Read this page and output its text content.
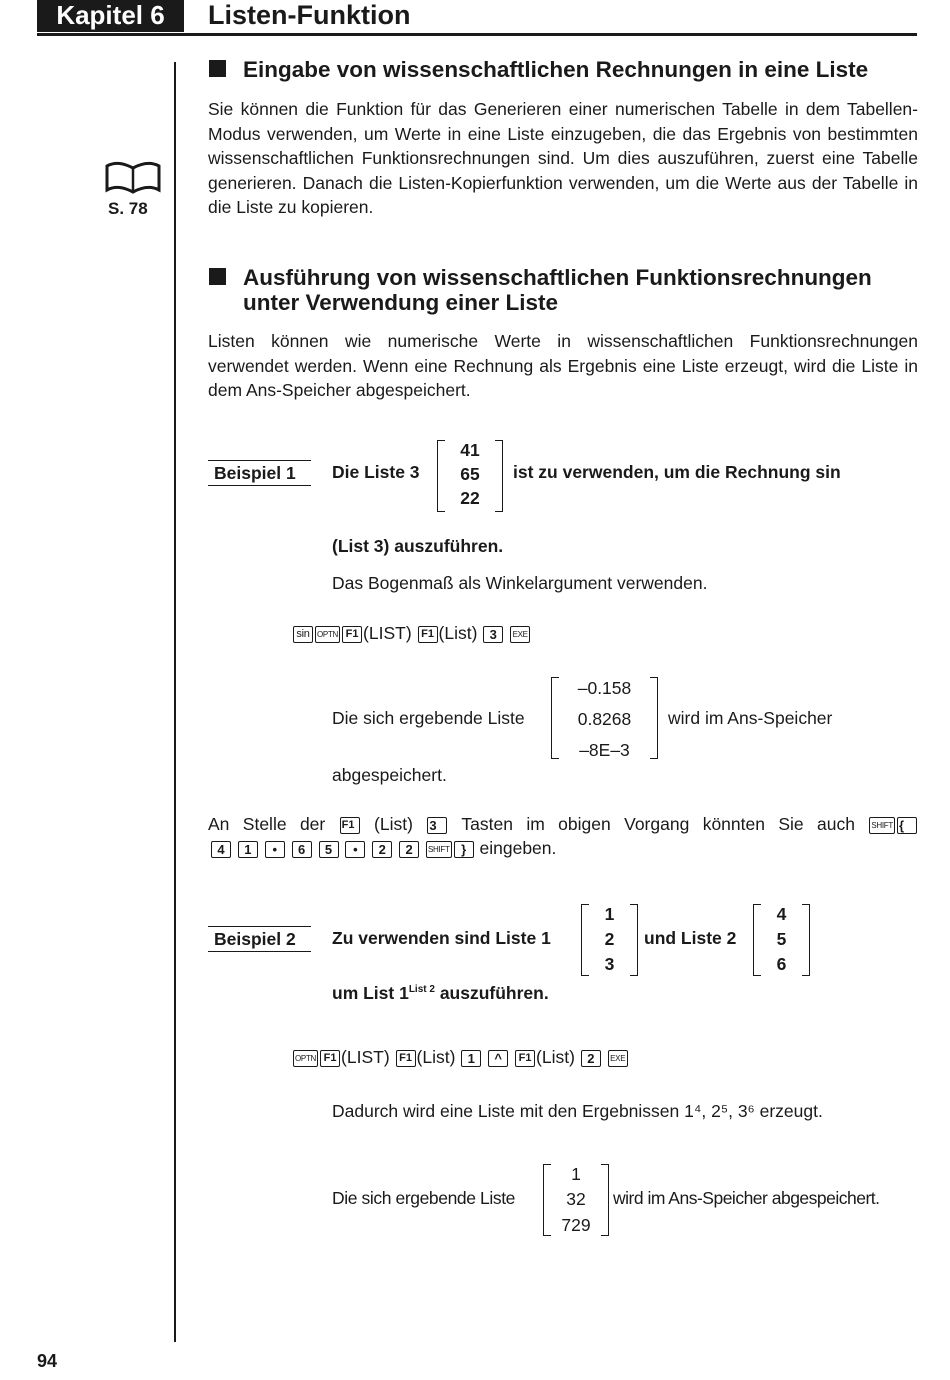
Kapitel 6	Listen-Funktion
S. 78
Eingabe von wissenschaftlichen Rechnungen in eine Liste
Sie können die Funktion für das Generieren einer numerischen Tabelle in dem Tabellen-Modus verwenden, um Werte in eine Liste einzugeben, die das Ergebnis von bestimmten wissenschaftlichen Funktionsrechnungen sind. Um dies auszuführen, zuerst eine Tabelle generieren. Danach die Listen-Kopierfunktion verwenden, um die Werte aus der Tabelle in die Liste zu kopieren.
Ausführung von wissenschaftlichen Funktionsrechnungen
unter Verwendung einer Liste
Listen können wie numerische Werte in wissenschaftlichen Funktionsrechnungen verwendet werden. Wenn eine Rechnung als Ergebnis eine Liste erzeugt, wird die Liste in dem Ans-Speicher abgespeichert.
Beispiel 1	Die Liste 3
41
65
22
ist zu verwenden, um die Rechnung sin
(List 3) auszuführen.
Das Bogenmaß als Winkelargument verwenden.
sin OPTN F1 (LIST) F1 (List) 3 EXE
Die sich ergebende Liste
–0.158
0.8268
–8E–3
wird im Ans-Speicher
abgespeichert.
An Stelle der F1 (List) 3 Tasten im obigen Vorgang könnten Sie auch SHIFT {
4 1 • 6 5 • 2 2 SHIFT } eingeben.
Beispiel 2	Zu verwenden sind Liste 1
1
2
3
und Liste 2
4
5
6
um List $1^{List 2}$ auszuführen.
OPTN F1 (LIST) F1 (List) 1 ^ F1 (List) 2 EXE
Dadurch wird eine Liste mit den Ergebnissen 1⁴, 2⁵, 3⁶ erzeugt.
Die sich ergebende Liste
1
32
729
wird im Ans-Speicher abgespeichert.
94
